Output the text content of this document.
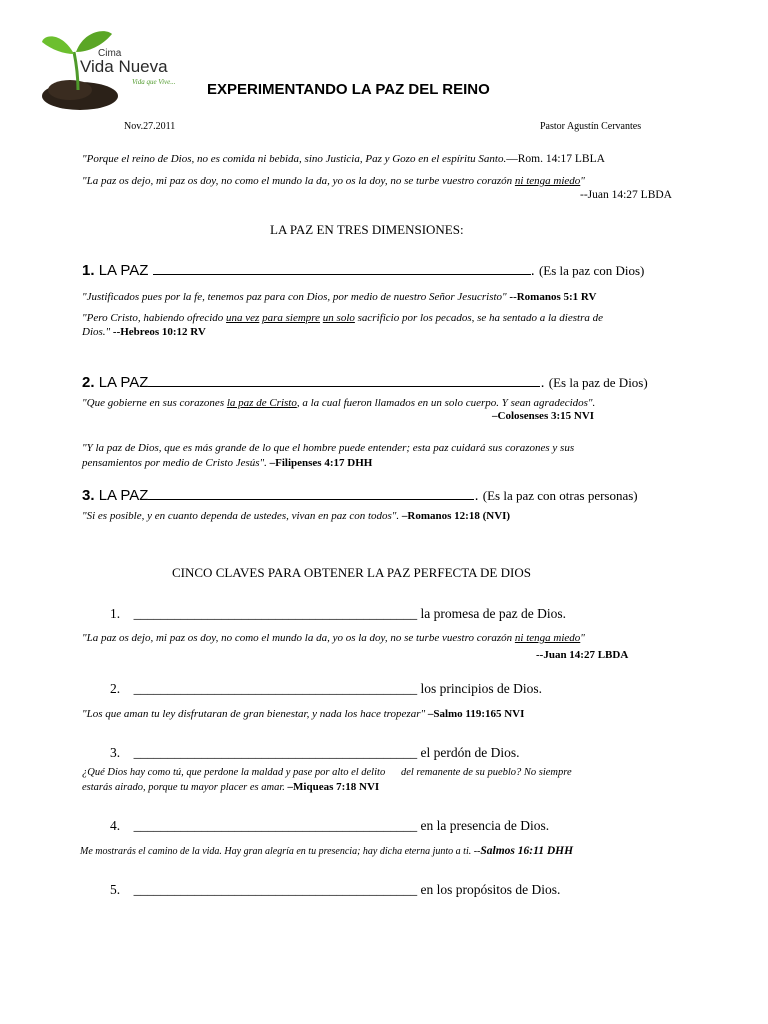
Cima
Vida Nueva
Vida que Vive... EXPERIMENTANDO LA PAZ DEL REINO
Nov.27.2011	Pastor Agustín Cervantes
"Porque el reino de Dios, no es comida ni bebida, sino Justicia, Paz y Gozo en el espíritu Santo.—Rom. 14:17 LBLA
"La paz os dejo, mi paz os doy, no como el mundo la da, yo os la doy, no se turbe vuestro corazón ni tenga miedo"
--Juan 14:27 LBDA
LA PAZ EN TRES DIMENSIONES:
1. LA PAZ	. (Es la paz con Dios)
"Justificados pues por la fe, tenemos paz para con Dios, por medio de nuestro Señor Jesucristo" --Romanos 5:1 RV
"Pero Cristo, habiendo ofrecido una vez para siempre un solo sacrificio por los pecados, se ha sentado a la diestra de
Dios." --Hebreos 10:12 RV
2. LA PAZ	. (Es la paz de Dios)
"Que gobierne en sus corazones la paz de Cristo, a la cual fueron llamados en un solo cuerpo. Y sean agradecidos".
–Colosenses 3:15 NVI
"Y la paz de Dios, que es más grande de lo que el hombre puede entender; esta paz cuidará sus corazones y sus
pensamientos por medio de Cristo Jesús". –Filipenses 4:17 DHH
3. LA PAZ	. (Es la paz con otras personas)
"Si es posible, y en cuanto dependa de ustedes, vivan en paz con todos". –Romanos 12:18 (NVI)
CINCO CLAVES PARA OBTENER LA PAZ PERFECTA DE DIOS
1. __________________________________________ la promesa de paz de Dios.
"La paz os dejo, mi paz os doy, no como el mundo la da, yo os la doy, no se turbe vuestro corazón ni tenga miedo"
--Juan 14:27 LBDA
2. __________________________________________ los principios de Dios.
"Los que aman tu ley disfrutaran de gran bienestar, y nada los hace tropezar" –Salmo 119:165 NVI
3. __________________________________________ el perdón de Dios.
¿Qué Dios hay como tú, que perdone la maldad y pase por alto el delito      del remanente de su pueblo? No siempre
estarás airado, porque tu mayor placer es amar. –Miqueas 7:18 NVI
4. __________________________________________ en la presencia de Dios.
Me mostrarás el camino de la vida. Hay gran alegría en tu presencia; hay dicha eterna junto a ti. --Salmos 16:11 DHH
5. __________________________________________ en los propósitos de Dios.
